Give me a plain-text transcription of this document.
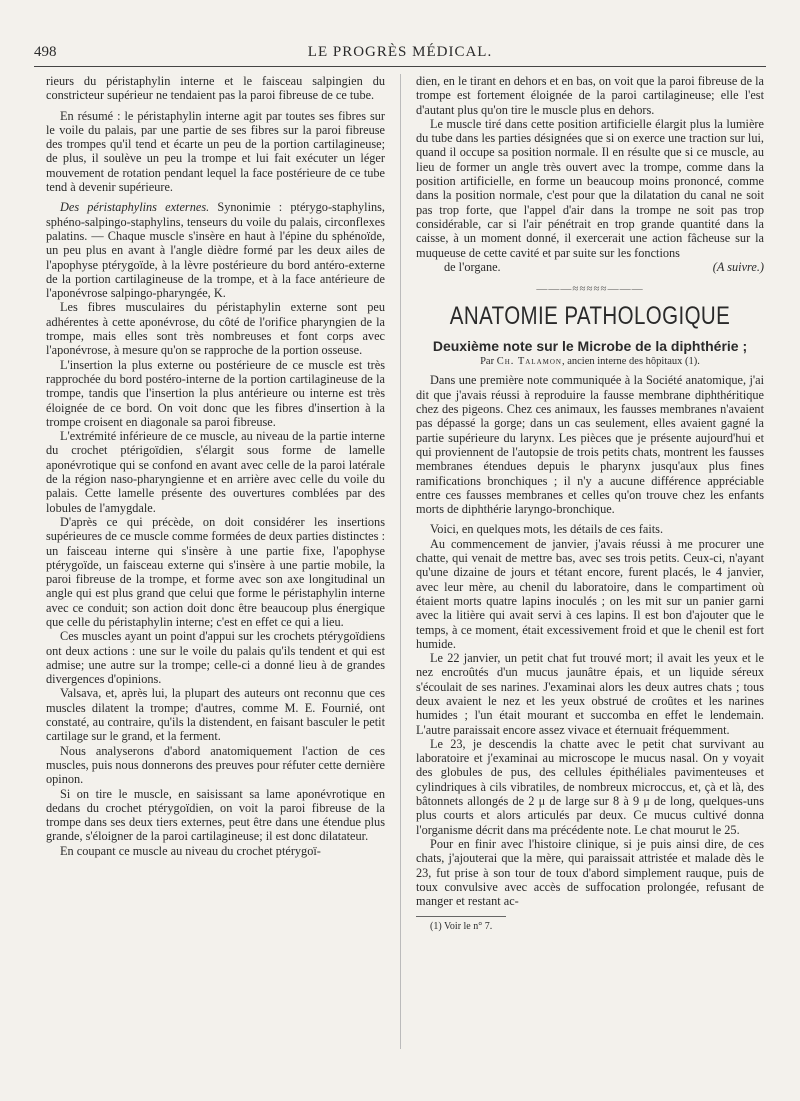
498	LE PROGRÈS MÉDICAL.

rieurs du péristaphylin interne et le faisceau salpingien du constricteur supérieur ne tendaient pas la paroi fibreuse de ce tube.

En résumé : le péristaphylin interne agit par toutes ses fibres sur le voile du palais, par une partie de ses fibres sur la paroi fibreuse des trompes qu'il tend et écarte un peu de la portion cartilagineuse; de plus, il soulève un peu la trompe et lui fait exécuter un léger mouvement de rotation pendant lequel la face postérieure de ce tube tend à devenir supérieure.

Des péristaphylins externes. Synonimie : ptérygo-staphylins, sphéno-salpingo-staphylins, tenseurs du voile du palais, circonflexes palatins. — Chaque muscle s'insère en haut à l'épine du sphénoïde, un peu plus en avant à l'angle dièdre formé par les deux ailes de l'apophyse ptérygoïde, à la lèvre postérieure du bord antéro-externe de la portion cartilagineuse de la trompe, et à la face antérieure de l'aponévrose salpingo-pharyngée, K.

Les fibres musculaires du péristaphylin externe sont peu adhérentes à cette aponévrose, du côté de l'orifice pharyngien de la trompe, mais elles sont très nombreuses et font corps avec l'aponévrose, à mesure qu'on se rapproche de la portion osseuse.

L'insertion la plus externe ou postérieure de ce muscle est très rapprochée du bord postéro-interne de la portion cartilagineuse de la trompe, tandis que l'insertion la plus antérieure ou interne est très éloignée de ce bord. On voit donc que les fibres d'insertion à la trompe croisent en diagonale sa paroi fibreuse.

L'extrémité inférieure de ce muscle, au niveau de la partie interne du crochet ptérigoïdien, s'élargit sous forme de lamelle aponévrotique qui se confond en avant avec celle de la paroi latérale de la région naso-pharyngienne et en arrière avec celle du voile du palais. Cette lamelle présente des ouvertures comblées par des lobules de l'amygdale.

D'après ce qui précède, on doit considérer les insertions supérieures de ce muscle comme formées de deux parties distinctes : un faisceau interne qui s'insère à une partie fixe, l'apophyse ptérygoïde, un faisceau externe qui s'insère à une partie mobile, la paroi fibreuse de la trompe, et forme avec son axe longitudinal un angle qui est plus grand que celui que forme le péristaphylin interne avec ce conduit; son action doit donc être beaucoup plus énergique que celle du péristaphylin interne; c'est en effet ce qui a lieu.

Ces muscles ayant un point d'appui sur les crochets ptérygoïdiens ont deux actions : une sur le voile du palais qu'ils tendent et qui est admise; une autre sur la trompe; celle-ci a donné lieu à de grandes divergences d'opinions.

Valsava, et, après lui, la plupart des auteurs ont reconnu que ces muscles dilatent la trompe; d'autres, comme M. E. Fournié, ont constaté, au contraire, qu'ils la distendent, en faisant basculer le petit cartilage sur le grand, et la ferment.

Nous analyserons d'abord anatomiquement l'action de ces muscles, puis nous donnerons des preuves pour réfuter cette dernière opinon.

Si on tire le muscle, en saisissant sa lame aponévrotique en dedans du crochet ptérygoïdien, on voit la paroi fibreuse de la trompe dans ses deux tiers externes, peut être dans une étendue plus grande, s'éloigner de la paroi cartilagineuse; il est donc dilatateur.

En coupant ce muscle au niveau du crochet ptérygoï-

dien, en le tirant en dehors et en bas, on voit que la paroi fibreuse de la trompe est fortement éloignée de la paroi cartilagineuse; elle l'est d'autant plus qu'on tire le muscle plus en dehors.

Le muscle tiré dans cette position artificielle élargit plus la lumière du tube dans les parties désignées que si on exerce une traction sur lui, quand il occupe sa position normale. Il en résulte que si ce muscle, au lieu de former un angle très ouvert avec la trompe, comme dans la position artificielle, en forme un beaucoup moins prononcé, comme dans la position normale, c'est pour que la dilatation du canal ne soit pas trop forte, que l'appel d'air dans la trompe ne soit pas trop considérable, car si l'air pénétrait en trop grande quantité dans la caisse, à un moment donné, il exercerait une action fâcheuse sur la muqueuse de cette cavité et par suite sur les fonctions

de l'organe.	(A suivre.)

———≈≈≈≈≈———
ANATOMIE PATHOLOGIQUE
Deuxième note sur le Microbe de la diphthérie ;
Par Ch. Talamon, ancien interne des hôpitaux (1).

Dans une première note communiquée à la Société anatomique, j'ai dit que j'avais réussi à reproduire la fausse membrane diphthéritique chez des pigeons. Chez ces animaux, les fausses membranes n'avaient pas dépassé la gorge; dans un cas seulement, elles avaient gagné la partie supérieure du larynx. Les pièces que je présente aujourd'hui et qui proviennent de l'autopsie de trois petits chats, montrent les fausses membranes étendues depuis le pharynx jusqu'aux plus fines ramifications bronchiques ; il n'y a aucune différence appréciable entre ces fausses membranes et celles qu'on trouve chez les enfants morts de diphthérie laryngo-bronchique.

Voici, en quelques mots, les détails de ces faits.

Au commencement de janvier, j'avais réussi à me procurer une chatte, qui venait de mettre bas, avec ses trois petits. Ceux-ci, n'ayant qu'une dizaine de jours et tétant encore, furent placés, le 4 janvier, avec leur mère, au chenil du laboratoire, dans le compartiment où étaient morts quatre lapins inoculés ; on les mit sur un panier garni avec la litière qui avait servi à ces lapins. Il est bon d'ajouter que le temps, à ce moment, était excessivement froid et que le chenil est fort humide.

Le 22 janvier, un petit chat fut trouvé mort; il avait les yeux et le nez encroûtés d'un mucus jaunâtre épais, et un liquide séreux s'écoulait de ses narines. J'examinai alors les deux autres chats ; tous deux avaient le nez et les yeux obstrué de croûtes et les narines humides ; l'un était mourant et succomba en effet le lendemain. L'autre paraissait encore assez vivace et éternuait fréquemment.

Le 23, je descendis la chatte avec le petit chat survivant au laboratoire et j'examinai au microscope le mucus nasal. On y voyait des globules de pus, des cellules épithéliales pavimenteuses et cylindriques à cils vibratiles, de nombreux microccus, et, çà et là, des bâtonnets allongés de 2 μ de large sur 8 à 9 μ de long, quelques-uns plus courts et alors articulés par deux. Ce mucus cultivé donna l'organisme décrit dans ma précédente note. Le chat mourut le 25.

Pour en finir avec l'histoire clinique, si je puis ainsi dire, de ces chats, j'ajouterai que la mère, qui paraissait attristée et malade dès le 23, fut prise à son tour de toux d'abord simplement rauque, puis de toux convulsive avec accès de suffocation prolongée, refusant de manger et restant ac-

(1) Voir le n° 7.
